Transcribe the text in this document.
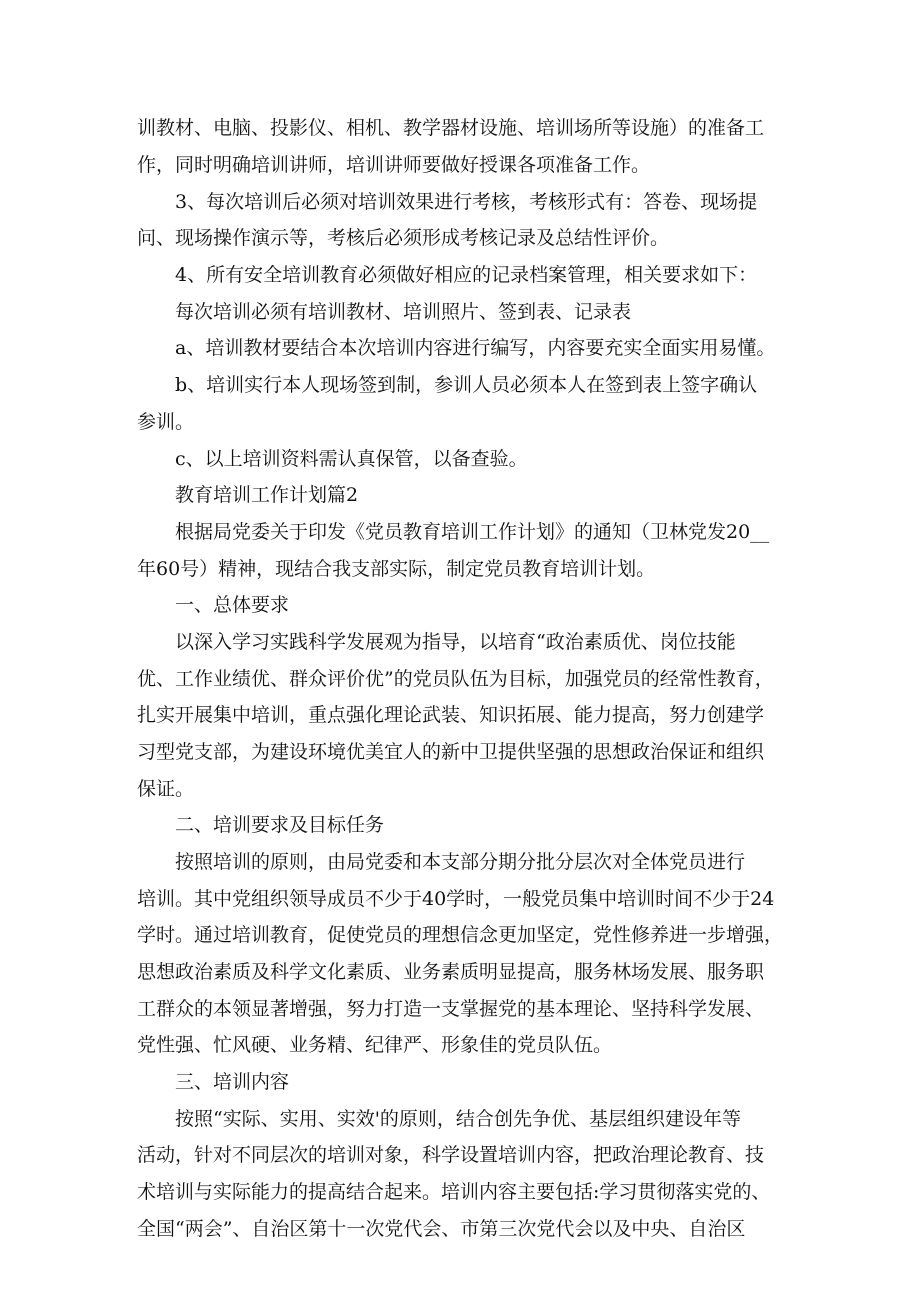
训教材、电脑、投影仪、相机、教学器材设施、培训场所等设施）的准备工
作，同时明确培训讲师，培训讲师要做好授课各项准备工作。
3、每次培训后必须对培训效果进行考核，考核形式有：答卷、现场提
问、现场操作演示等，考核后必须形成考核记录及总结性评价。
4、所有安全培训教育必须做好相应的记录档案管理，相关要求如下：
每次培训必须有培训教材、培训照片、签到表、记录表
a、培训教材要结合本次培训内容进行编写，内容要充实全面实用易懂。
b、培训实行本人现场签到制，参训人员必须本人在签到表上签字确认
参训。
c、以上培训资料需认真保管，以备查验。
教育培训工作计划篇2
根据局党委关于印发《党员教育培训工作计划》的通知（卫林党发20__
年60号）精神，现结合我支部实际，制定党员教育培训计划。
一、总体要求
以深入学习实践科学发展观为指导，以培育“政治素质优、岗位技能
优、工作业绩优、群众评价优”的党员队伍为目标，加强党员的经常性教育，
扎实开展集中培训，重点强化理论武装、知识拓展、能力提高，努力创建学
习型党支部，为建设环境优美宜人的新中卫提供坚强的思想政治保证和组织
保证。
二、培训要求及目标任务
按照培训的原则，由局党委和本支部分期分批分层次对全体党员进行
培训。其中党组织领导成员不少于40学时，一般党员集中培训时间不少于24
学时。通过培训教育，促使党员的理想信念更加坚定，党性修养进一步增强，
思想政治素质及科学文化素质、业务素质明显提高，服务林场发展、服务职
工群众的本领显著增强，努力打造一支掌握党的基本理论、坚持科学发展、
党性强、忙风硬、业务精、纪律严、形象佳的党员队伍。
三、培训内容
按照“实际、实用、实效'的原则，结合创先争优、基层组织建设年等
活动，针对不同层次的培训对象，科学设置培训内容，把政治理论教育、技
术培训与实际能力的提高结合起来。培训内容主要包括:学习贯彻落实党的、
全国“两会”、自治区第十一次党代会、市第三次党代会以及中央、自治区
